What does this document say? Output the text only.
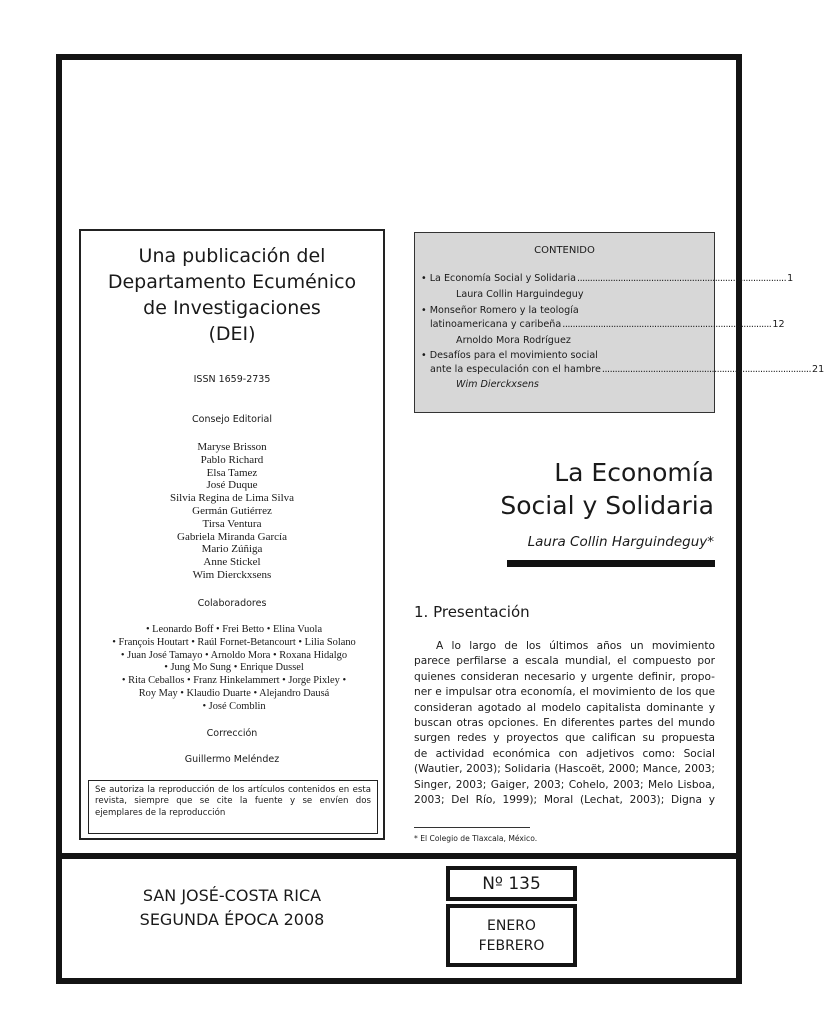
Una publicación del
Departamento Ecuménico
de Investigaciones
(DEI)
ISSN 1659-2735
Consejo Editorial
Maryse Brisson
Pablo Richard
Elsa Tamez
José Duque
Silvia Regina de Lima Silva
Germán Gutiérrez
Tirsa Ventura
Gabriela Miranda García
Mario Zúñiga
Anne Stickel
Wim Dierckxsens
Colaboradores
• Leonardo Boff • Frei Betto • Elina Vuola
• François Houtart • Raúl Fornet-Betancourt • Lilia Solano
• Juan José Tamayo • Arnoldo Mora • Roxana Hidalgo
• Jung Mo Sung • Enrique Dussel
• Rita Ceballos • Franz Hinkelammert • Jorge Pixley •
Roy May • Klaudio Duarte • Alejandro Dausá
• José Comblin
Corrección
Guillermo Meléndez
Se autoriza la reproducción de los artículos contenidos en esta revista, siempre que se cite la fuente y se envíen dos ejemplares de la reproducción
CONTENIDO
• La Economía Social y Solidaria .................................................................................. 1
Laura Collin Harguindeguy
• Monseñor Romero y la teología
latinoamericana y caribeña .................................................................................. 12
Arnoldo Mora Rodríguez
• Desafíos para el movimiento social
ante la especulación con el hambre .................................................................................. 21
Wim Dierckxsens
La Economía
Social y Solidaria
Laura Collin Harguindeguy*
1. Presentación
A lo largo de los últimos años un movimiento
parece perfilarse a escala mundial, el compuesto por
quienes consideran necesario y urgente definir, propo-
ner e impulsar otra economía, el movimiento de los que
consideran agotado al modelo capitalista dominante y
buscan otras opciones. En diferentes partes del mundo
surgen redes y proyectos que califican su propuesta
de actividad económica con adjetivos como: Social
(Wautier, 2003); Solidaria (Hascoët, 2000; Mance, 2003;
Singer, 2003; Gaiger, 2003; Cohelo, 2003; Melo Lisboa,
2003; Del Río, 1999); Moral (Lechat, 2003); Digna y
* El Colegio de Tlaxcala, México.
SAN JOSÉ-COSTA RICA
SEGUNDA ÉPOCA 2008
Nº 135
ENERO
FEBRERO
